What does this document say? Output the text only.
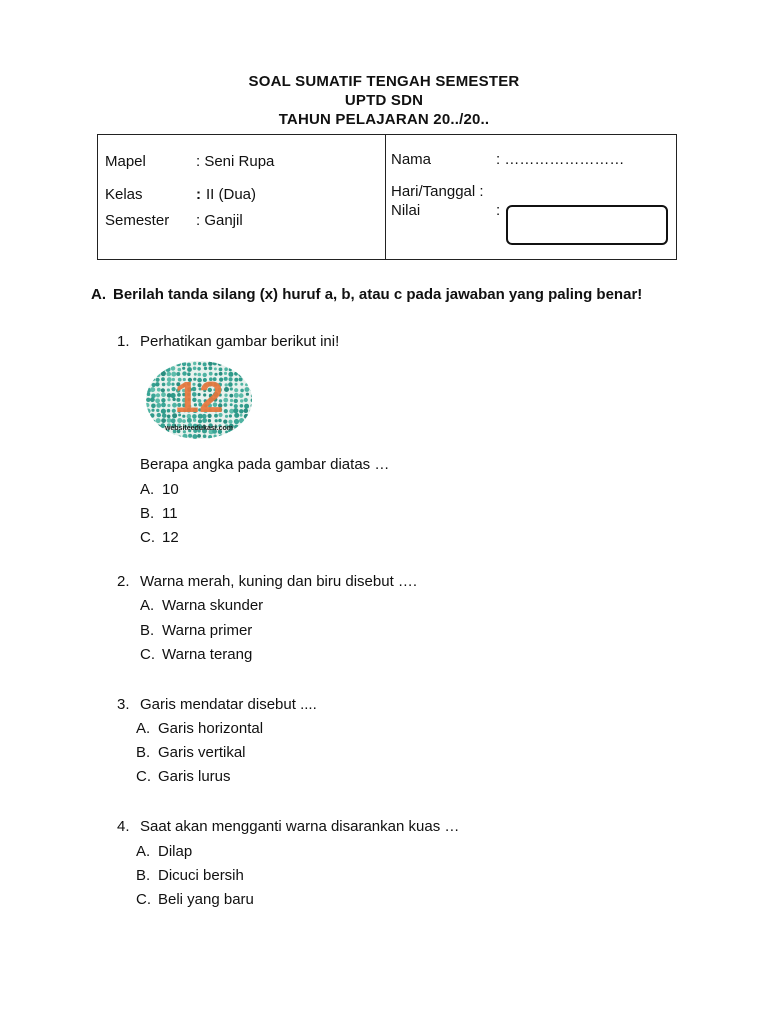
SOAL SUMATIF TENGAH SEMESTER
UPTD SDN
TAHUN PELAJARAN 20../20..
Mapel	: Seni Rupa
Kelas	: II (Dua)
Semester : Ganjil
Nama	: ……………………
Hari/Tanggal :
Nilai	:
A. Berilah tanda silang (x) huruf a, b, atau c pada jawaban yang paling benar!
1. Perhatikan gambar berikut ini!
12
websiteedukasi.com
Berapa angka pada gambar diatas …
A. 10
B. 11
C. 12
2. Warna merah, kuning dan biru disebut ….
A. Warna skunder
B. Warna primer
C. Warna terang
3. Garis mendatar disebut ....
A. Garis horizontal
B. Garis vertikal
C. Garis lurus
4. Saat akan mengganti warna disarankan kuas …
A. Dilap
B. Dicuci bersih
C. Beli yang baru
